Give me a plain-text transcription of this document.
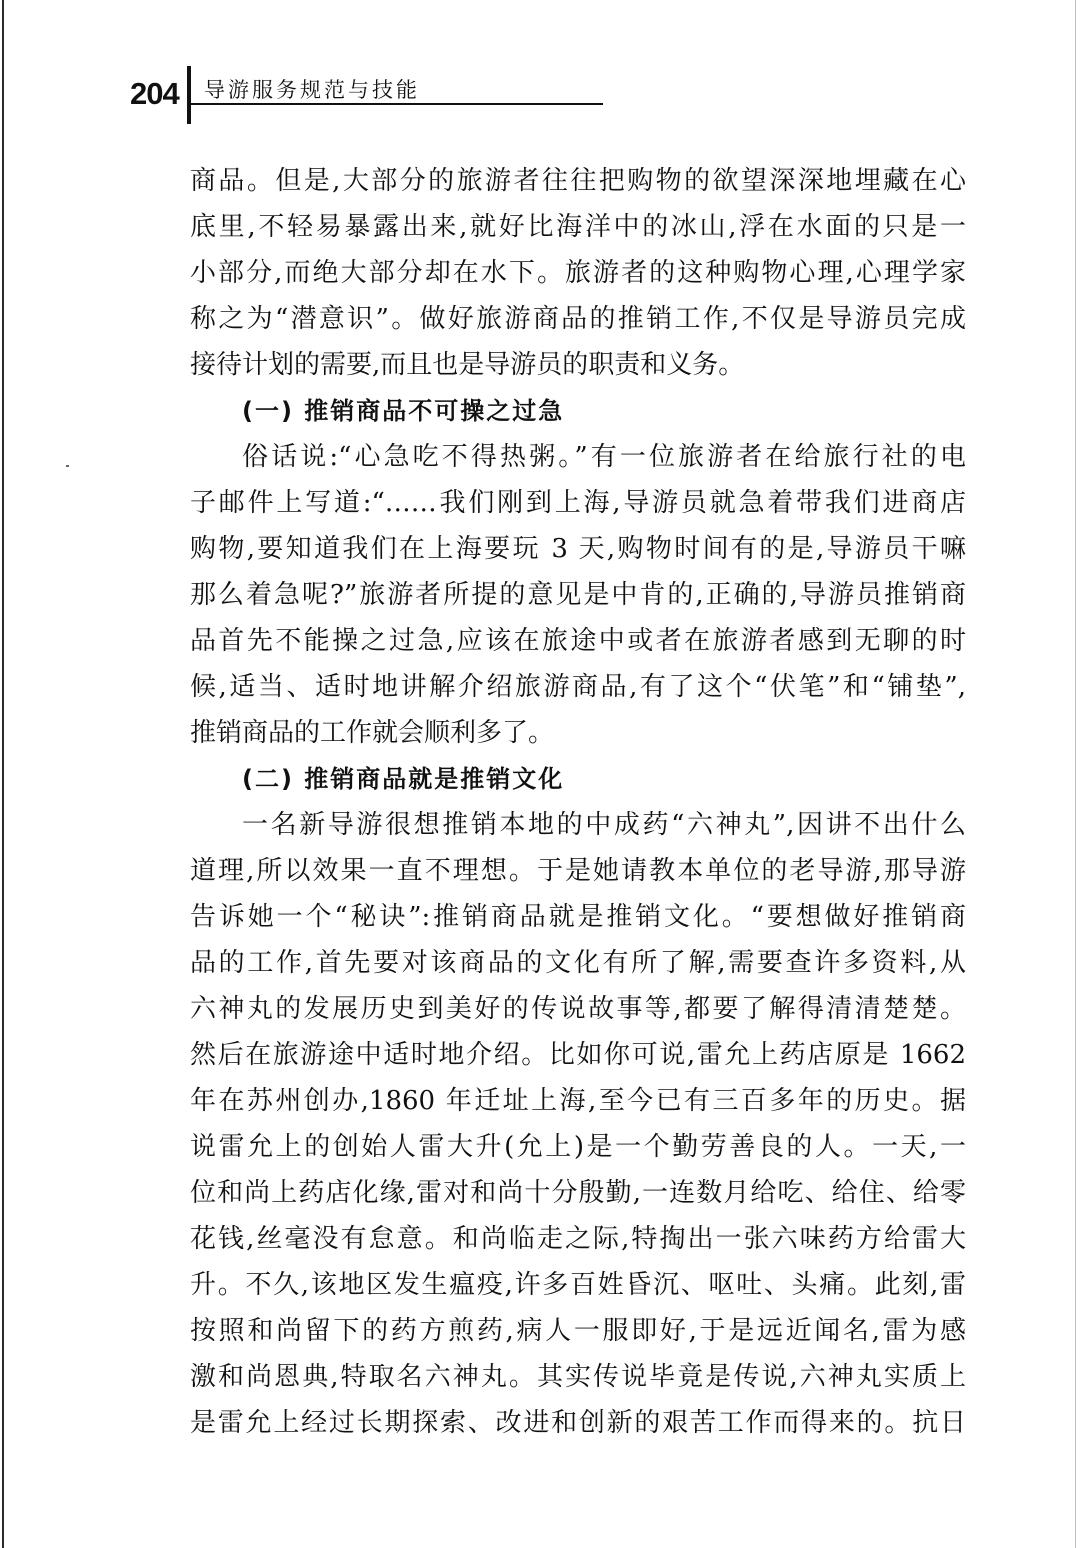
204 导游服务规范与技能
商品。但是,大部分的旅游者往往把购物的欲望深深地埋藏在心
底里,不轻易暴露出来,就好比海洋中的冰山,浮在水面的只是一
小部分,而绝大部分却在水下。旅游者的这种购物心理,心理学家
称之为“潜意识”。做好旅游商品的推销工作,不仅是导游员完成
接待计划的需要,而且也是导游员的职责和义务。
(一) 推销商品不可操之过急
俗话说:“心急吃不得热粥。”有一位旅游者在给旅行社的电
子邮件上写道:“……我们刚到上海,导游员就急着带我们进商店
购物,要知道我们在上海要玩 3 天,购物时间有的是,导游员干嘛
那么着急呢?”旅游者所提的意见是中肯的,正确的,导游员推销商
品首先不能操之过急,应该在旅途中或者在旅游者感到无聊的时
候,适当、适时地讲解介绍旅游商品,有了这个“伏笔”和“铺垫”,
推销商品的工作就会顺利多了。
(二) 推销商品就是推销文化
一名新导游很想推销本地的中成药“六神丸”,因讲不出什么
道理,所以效果一直不理想。于是她请教本单位的老导游,那导游
告诉她一个“秘诀”:推销商品就是推销文化。“要想做好推销商
品的工作,首先要对该商品的文化有所了解,需要查许多资料,从
六神丸的发展历史到美好的传说故事等,都要了解得清清楚楚。
然后在旅游途中适时地介绍。比如你可说,雷允上药店原是 1662
年在苏州创办,1860 年迁址上海,至今已有三百多年的历史。据
说雷允上的创始人雷大升(允上)是一个勤劳善良的人。一天,一
位和尚上药店化缘,雷对和尚十分殷勤,一连数月给吃、给住、给零
花钱,丝毫没有怠意。和尚临走之际,特掏出一张六味药方给雷大
升。不久,该地区发生瘟疫,许多百姓昏沉、呕吐、头痛。此刻,雷
按照和尚留下的药方煎药,病人一服即好,于是远近闻名,雷为感
激和尚恩典,特取名六神丸。其实传说毕竟是传说,六神丸实质上
是雷允上经过长期探索、改进和创新的艰苦工作而得来的。抗日
